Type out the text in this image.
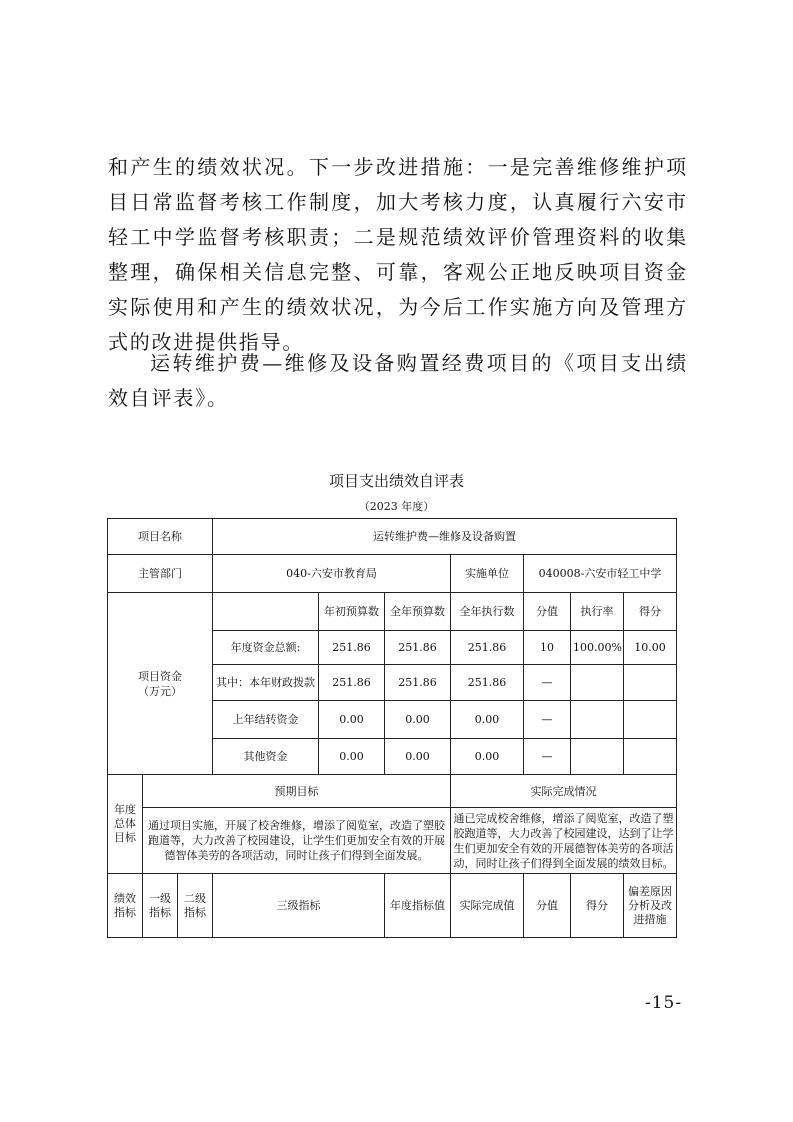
和产生的绩效状况。下一步改进措施：一是完善维修维护项目日常监督考核工作制度，加大考核力度，认真履行六安市轻工中学监督考核职责；二是规范绩效评价管理资料的收集整理，确保相关信息完整、可靠，客观公正地反映项目资金实际使用和产生的绩效状况，为今后工作实施方向及管理方式的改进提供指导。

运转维护费—维修及设备购置经费项目的《项目支出绩效自评表》。

项目支出绩效自评表
（2023 年度）
项目名称			运转维护费—维修及设备购置						
主管部门			040-六安市教育局			实施单位	040008-六安市轻工中学		
项目资金
（万元）				年初预算数	全年预算数	全年执行数	分值	执行率	得分
			年度资金总额:	251.86	251.86	251.86	10	100.00%	10.00
			其中：本年财政拨款	251.86	251.86	251.86	—		
			上年结转资金	0.00	0.00	0.00	—		
			其他资金	0.00	0.00	0.00	—		
年度总体目标	预期目标					实际完成情况			
	通过项目实施，开展了校舍维修，增添了阅览室，改造了塑胶跑道等，大力改善了校园建设，让学生们更加安全有效的开展德智体美劳的各项活动，同时让孩子们得到全面发展。					通已完成校舍维修，增添了阅览室，改造了塑胶跑道等，大力改善了校园建设，达到了让学生们更加安全有效的开展德智体美劳的各项活动，同时让孩子们得到全面发展的绩效目标。			
绩效指标	一级指标	二级指标	三级指标		年度指标值	实际完成值	分值	得分	偏差原因分析及改进措施
-15-
